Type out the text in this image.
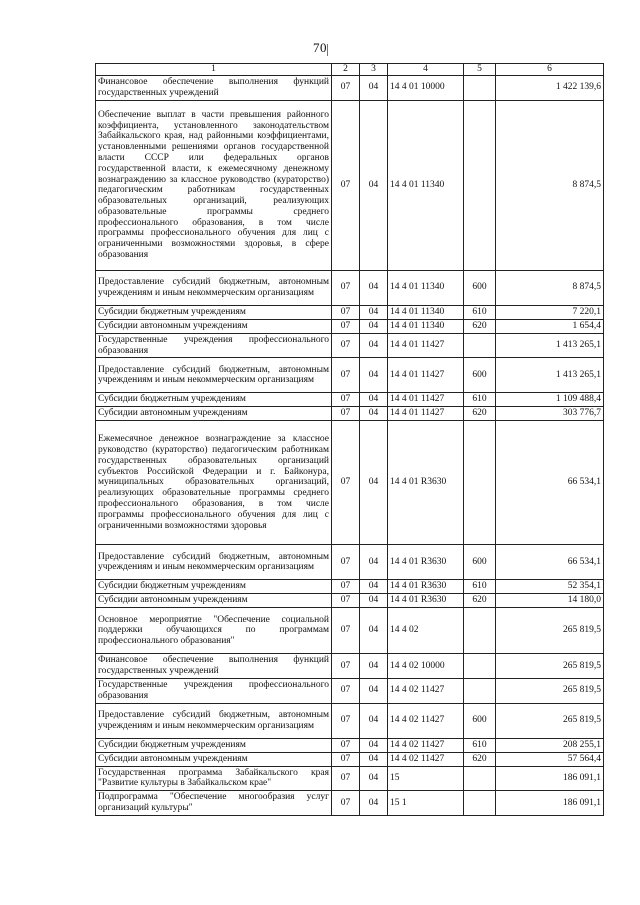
70
1	2	3	4	5	6
Финансовое обеспечение выполнения функций государственных учреждений	07	04	14 4 01 10000		1 422 139,6
Обеспечение выплат в части превышения районного коэффициента, установленного законодательством Забайкальского края, над районными коэффициентами, установленными решениями органов государственной власти СССР или федеральных органов государственной власти, к ежемесячному денежному вознаграждению за классное руководство (кураторство) педагогическим работникам государственных образовательных организаций, реализующих образовательные программы среднего профессионального образования, в том числе программы профессионального обучения для лиц с ограниченными возможностями здоровья, в сфере образования	07	04	14 4 01 11340		8 874,5
Предоставление субсидий бюджетным, автономным учреждениям и иным некоммерческим организациям	07	04	14 4 01 11340	600	8 874,5
Субсидии бюджетным учреждениям	07	04	14 4 01 11340	610	7 220,1
Субсидии автономным учреждениям	07	04	14 4 01 11340	620	1 654,4
Государственные учреждения профессионального образования	07	04	14 4 01 11427		1 413 265,1
Предоставление субсидий бюджетным, автономным учреждениям и иным некоммерческим организациям	07	04	14 4 01 11427	600	1 413 265,1
Субсидии бюджетным учреждениям	07	04	14 4 01 11427	610	1 109 488,4
Субсидии автономным учреждениям	07	04	14 4 01 11427	620	303 776,7
Ежемесячное денежное вознаграждение за классное руководство (кураторство) педагогическим работникам государственных образовательных организаций субъектов Российской Федерации и г. Байконура, муниципальных образовательных организаций, реализующих образовательные программы среднего профессионального образования, в том числе программы профессионального обучения для лиц с ограниченными возможностями здоровья	07	04	14 4 01 R3630		66 534,1
Предоставление субсидий бюджетным, автономным учреждениям и иным некоммерческим организациям	07	04	14 4 01 R3630	600	66 534,1
Субсидии бюджетным учреждениям	07	04	14 4 01 R3630	610	52 354,1
Субсидии автономным учреждениям	07	04	14 4 01 R3630	620	14 180,0
Основное мероприятие "Обеспечение социальной поддержки обучающихся по программам профессионального образования"	07	04	14 4 02		265 819,5
Финансовое обеспечение выполнения функций государственных учреждений	07	04	14 4 02 10000		265 819,5
Государственные учреждения профессионального образования	07	04	14 4 02 11427		265 819,5
Предоставление субсидий бюджетным, автономным учреждениям и иным некоммерческим организациям	07	04	14 4 02 11427	600	265 819,5
Субсидии бюджетным учреждениям	07	04	14 4 02 11427	610	208 255,1
Субсидии автономным учреждениям	07	04	14 4 02 11427	620	57 564,4
Государственная программа Забайкальского края "Развитие культуры в Забайкальском крае"	07	04	15		186 091,1
Подпрограмма "Обеспечение многообразия услуг организаций культуры"	07	04	15 1		186 091,1
